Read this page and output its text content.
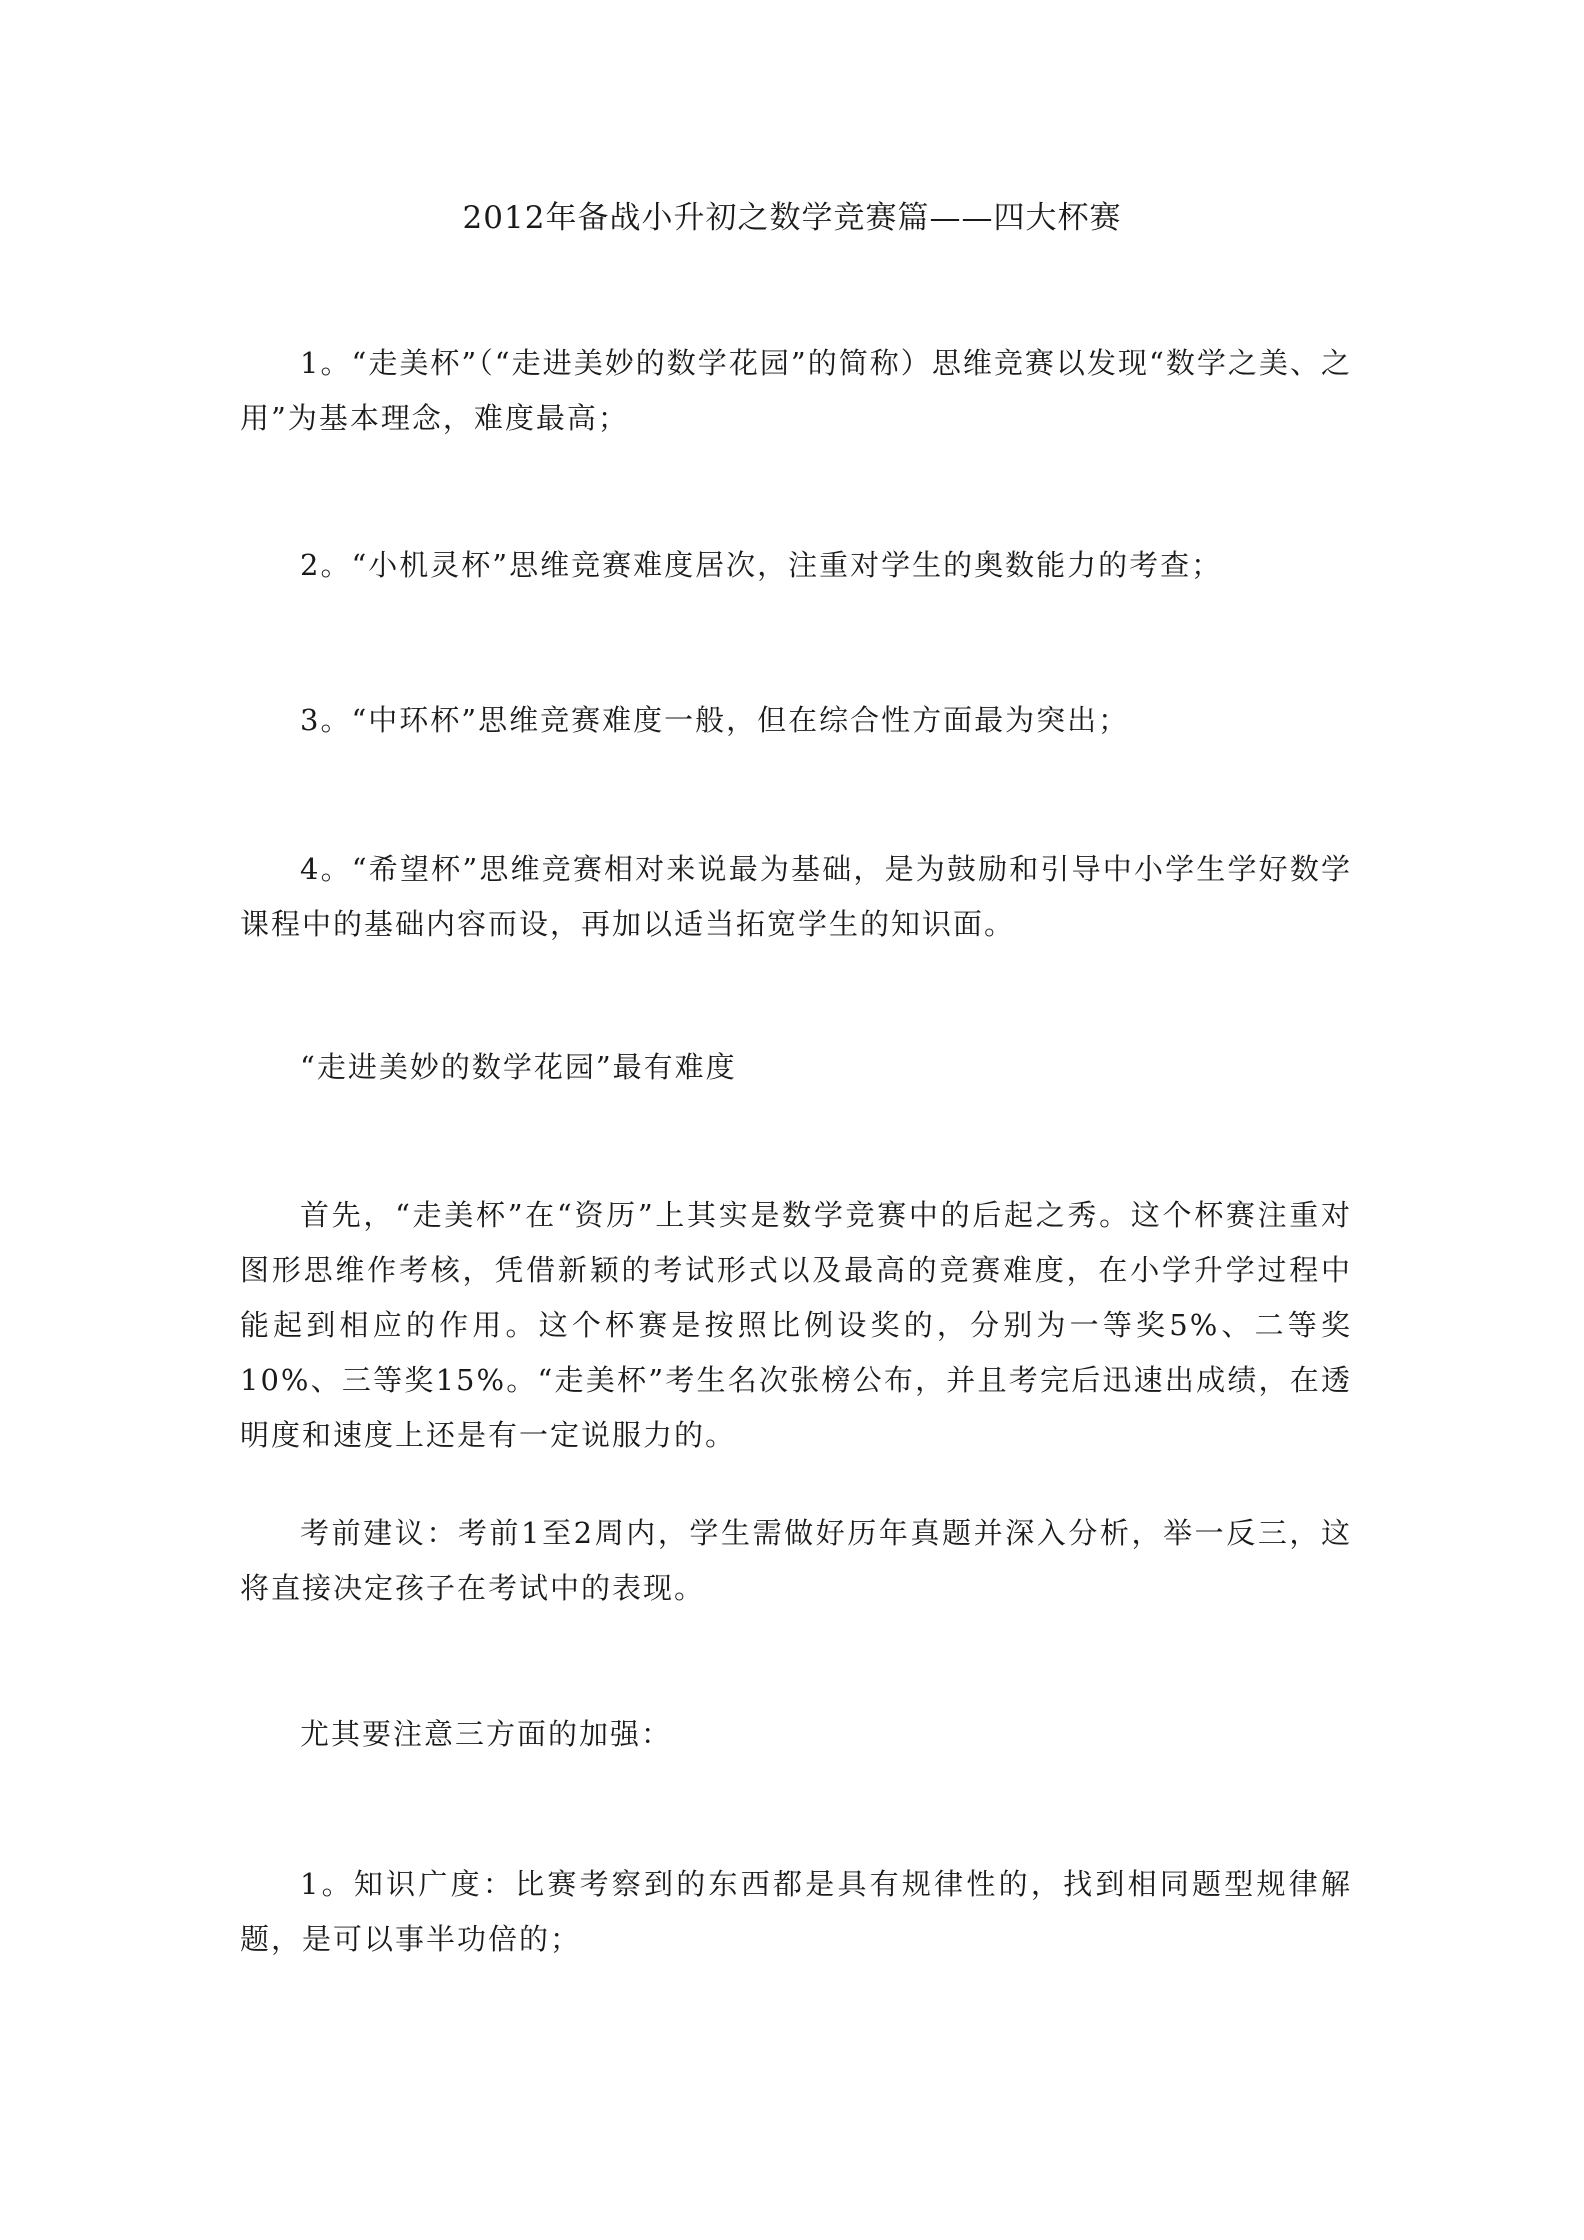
2012年备战小升初之数学竞赛篇——四大杯赛
1。“走美杯”（“走进美妙的数学花园”的简称）思维竞赛以发现“数学之美、之用”为基本理念，难度最高；
2。“小机灵杯”思维竞赛难度居次，注重对学生的奥数能力的考查；
3。“中环杯”思维竞赛难度一般，但在综合性方面最为突出；
4。“希望杯”思维竞赛相对来说最为基础，是为鼓励和引导中小学生学好数学课程中的基础内容而设，再加以适当拓宽学生的知识面。
“走进美妙的数学花园”最有难度
首先，“走美杯”在“资历”上其实是数学竞赛中的后起之秀。这个杯赛注重对图形思维作考核，凭借新颖的考试形式以及最高的竞赛难度，在小学升学过程中能起到相应的作用。这个杯赛是按照比例设奖的，分别为一等奖5%、二等奖10%、三等奖15%。“走美杯”考生名次张榜公布，并且考完后迅速出成绩，在透明度和速度上还是有一定说服力的。
考前建议：考前1至2周内，学生需做好历年真题并深入分析，举一反三，这将直接决定孩子在考试中的表现。
尤其要注意三方面的加强：
1。知识广度：比赛考察到的东西都是具有规律性的，找到相同题型规律解题，是可以事半功倍的；
